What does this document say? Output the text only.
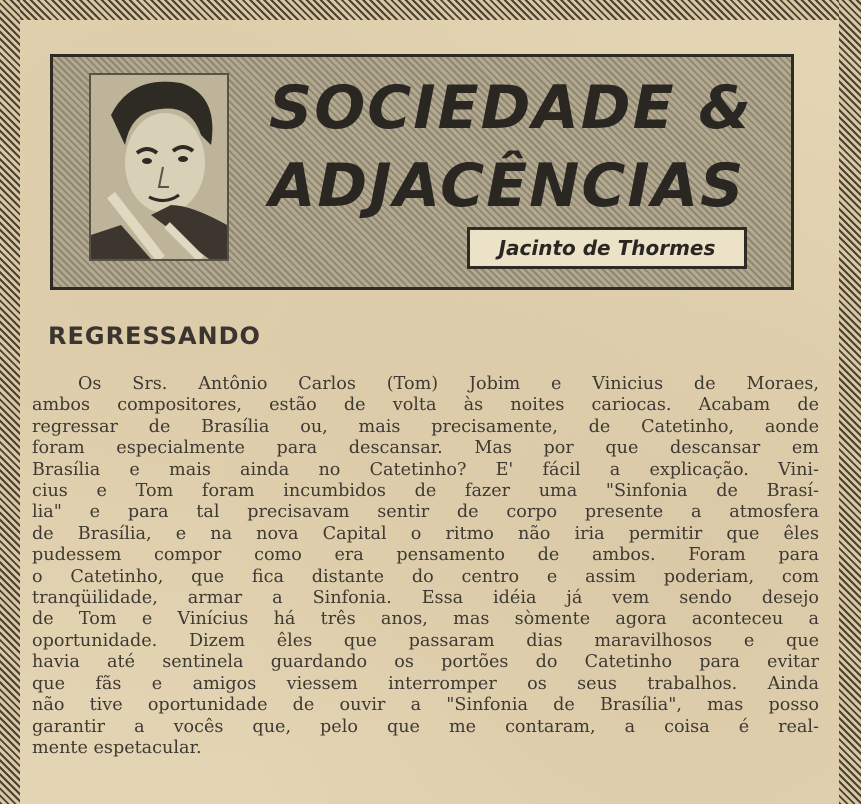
SOCIEDADE &
ADJACÊNCIAS
Jacinto de Thormes
REGRESSANDO
Os Srs. Antônio Carlos (Tom) Jobim e Vinicius de Moraes,
ambos compositores, estão de volta às noites cariocas. Acabam de
regressar de Brasília ou, mais precisamente, de Catetinho, aonde
foram especialmente para descansar. Mas por que descansar em
Brasília e mais ainda no Catetinho? E' fácil a explicação. Vini-
cius e Tom foram incumbidos de fazer uma "Sinfonia de Brasí-
lia" e para tal precisavam sentir de corpo presente a atmosfera
de Brasília, e na nova Capital o ritmo não iria permitir que êles
pudessem compor como era pensamento de ambos. Foram para
o Catetinho, que fica distante do centro e assim poderiam, com
tranqüilidade, armar a Sinfonia. Essa idéia já vem sendo desejo
de Tom e Vinícius há três anos, mas sòmente agora aconteceu a
oportunidade. Dizem êles que passaram dias maravilhosos e que
havia até sentinela guardando os portões do Catetinho para evitar
que fãs e amigos viessem interromper os seus trabalhos. Ainda
não tive oportunidade de ouvir a "Sinfonia de Brasília", mas posso
garantir a vocês que, pelo que me contaram, a coisa é real-
mente espetacular.
